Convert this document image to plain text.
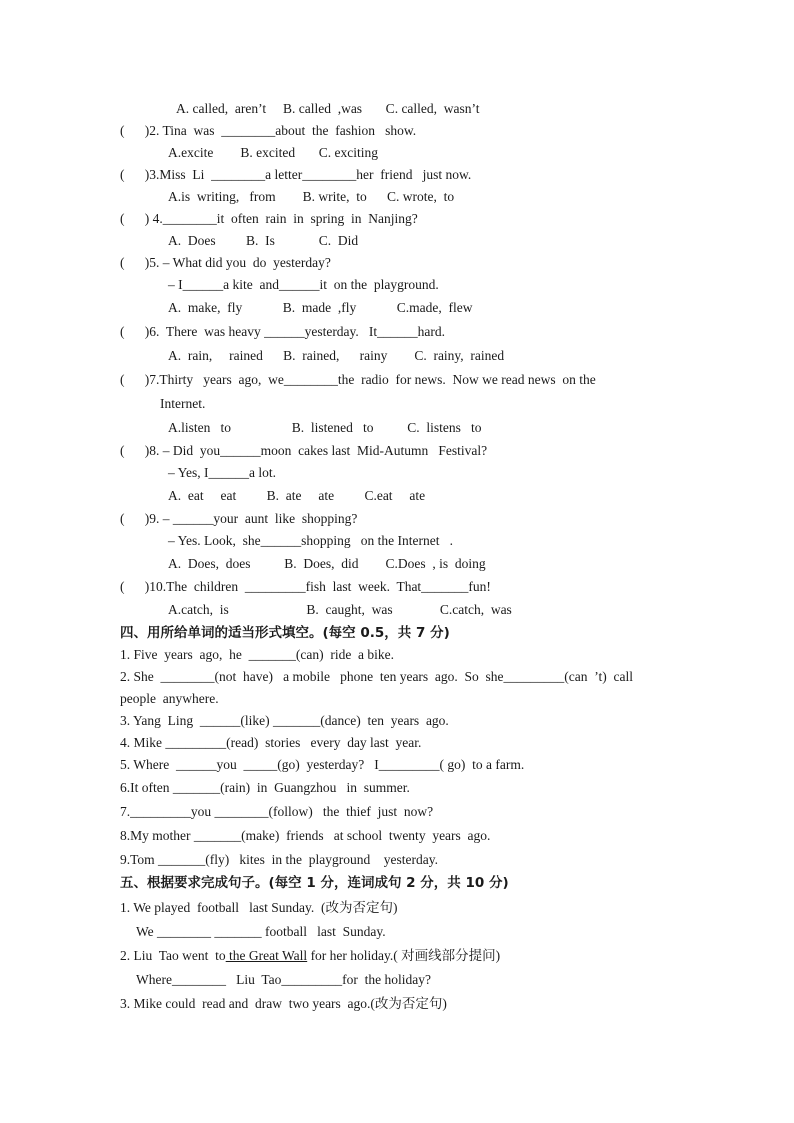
A. called,  aren’t     B. called  ,was       C. called,  wasn’t
(      )2. Tina  was  ________about  the  fashion   show.
A.excite        B. excited       C. exciting
(      )3.Miss  Li  ________a letter________her  friend   just now.
A.is  writing,   from        B. write,  to      C. wrote,  to
(      ) 4.________it  often  rain  in  spring  in  Nanjing?
A.  Does         B.  Is             C.  Did
(      )5. – What did you  do  yesterday?
– I______a kite  and______it  on the  playground.
A.  make,  fly            B.  made  ,fly            C.made,  flew
(      )6.  There  was heavy ______yesterday.   It______hard.
A.  rain,     rained      B.  rained,      rainy        C.  rainy,  rained
(      )7.Thirty   years  ago,  we________the  radio  for news.  Now we read news  on the
Internet.
A.listen   to                  B.  listened   to          C.  listens   to
(      )8. – Did  you______moon  cakes last  Mid-Autumn   Festival?
– Yes, I______a lot.
A.  eat     eat         B.  ate     ate         C.eat     ate
(      )9. – ______your  aunt  like  shopping?
– Yes. Look,  she______shopping   on the Internet   .
A.  Does,  does          B.  Does,  did        C.Does  , is  doing
(      )10.The  children  _________fish  last  week.  That_______fun!
A.catch,  is                       B.  caught,  was              C.catch,  was
四、用所给单词的适当形式填空。(每空 0.5，共 7 分)
1. Five  years  ago,  he  _______(can)  ride  a bike.
2. She  ________(not  have)   a mobile   phone  ten years  ago.  So  she_________(can  ’t)  call
people  anywhere.
3. Yang  Ling  ______(like) _______(dance)  ten  years  ago.
4. Mike _________(read)  stories   every  day last  year.
5. Where  ______you  _____(go)  yesterday?   I_________( go)  to a farm.
6.It often _______(rain)  in  Guangzhou   in  summer.
7._________you ________(follow)   the  thief  just  now?
8.My mother _______(make)  friends   at school  twenty  years  ago.
9.Tom _______(fly)   kites  in the  playground    yesterday.
五、根据要求完成句子。(每空 1 分，连词成句 2 分，共 10 分)
1. We played  football   last Sunday.  (改为否定句)
We ________ _______ football   last  Sunday.
2. Liu  Tao went  to the Great Wall for her holiday.( 对画线部分提问)
Where________   Liu  Tao_________for  the holiday?
3. Mike could  read and  draw  two years  ago.(改为否定句)
